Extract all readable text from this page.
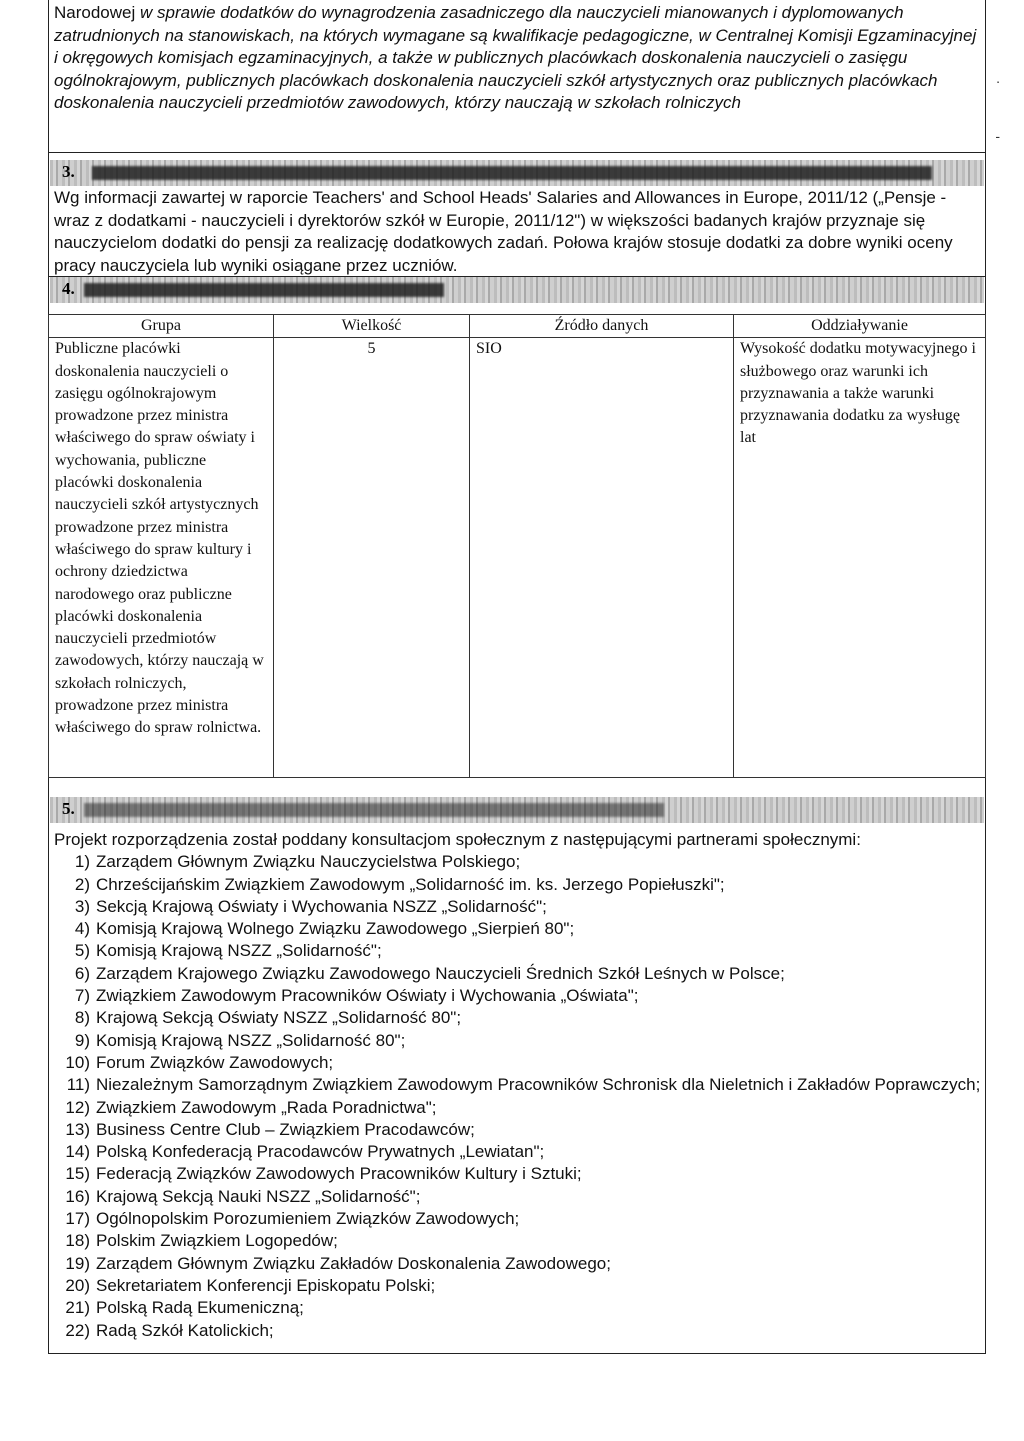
Narodowej w sprawie dodatków do wynagrodzenia zasadniczego dla nauczycieli mianowanych i dyplomowanych zatrudnionych na stanowiskach, na których wymagane są kwalifikacje pedagogiczne, w Centralnej Komisji Egzaminacyjnej i okręgowych komisjach egzaminacyjnych, a także w publicznych placówkach doskonalenia nauczycieli o zasięgu ogólnokrajowym, publicznych placówkach doskonalenia nauczycieli szkół artystycznych oraz publicznych placówkach doskonalenia nauczycieli przedmiotów zawodowych, którzy nauczają w szkołach rolniczych
.
-
3.
Wg informacji zawartej w raporcie Teachers' and School Heads' Salaries and Allowances in Europe, 2011/12 („Pensje - wraz z dodatkami - nauczycieli i dyrektorów szkół w Europie, 2011/12") w większości badanych krajów przyznaje się nauczycielom dodatki do pensji za realizację dodatkowych zadań. Połowa krajów stosuje dodatki za dobre wyniki oceny pracy nauczyciela lub wyniki osiągane przez uczniów.
4.
Grupa	Wielkość	Źródło danych	Oddziaływanie
Publiczne placówki doskonalenia nauczycieli o zasięgu ogólnokrajowym prowadzone przez ministra właściwego do spraw oświaty i wychowania, publiczne placówki doskonalenia nauczycieli szkół artystycznych prowadzone przez ministra właściwego do spraw kultury i ochrony dziedzictwa narodowego oraz publiczne placówki doskonalenia nauczycieli przedmiotów zawodowych, którzy nauczają w szkołach rolniczych, prowadzone przez ministra właściwego do spraw rolnictwa.	5	SIO	Wysokość dodatku motywacyjnego i służbowego oraz warunki ich przyznawania a także warunki przyznawania dodatku za wysługę lat
5.
Projekt rozporządzenia został poddany konsultacjom społecznym z następującymi partnerami społecznymi:
1) Zarządem Głównym Związku Nauczycielstwa Polskiego;
2) Chrześcijańskim Związkiem Zawodowym „Solidarność im. ks. Jerzego Popiełuszki";
3) Sekcją Krajową Oświaty i Wychowania NSZZ „Solidarność";
4) Komisją Krajową Wolnego Związku Zawodowego „Sierpień 80";
5) Komisją Krajową NSZZ „Solidarność";
6) Zarządem Krajowego Związku Zawodowego Nauczycieli Średnich Szkół Leśnych w Polsce;
7) Związkiem Zawodowym Pracowników Oświaty i Wychowania „Oświata";
8) Krajową Sekcją Oświaty NSZZ „Solidarność 80";
9) Komisją Krajową NSZZ „Solidarność 80";
10) Forum Związków Zawodowych;
11) Niezależnym Samorządnym Związkiem Zawodowym Pracowników Schronisk dla Nieletnich i Zakładów Poprawczych;
12) Związkiem Zawodowym „Rada Poradnictwa";
13) Business Centre Club – Związkiem Pracodawców;
14) Polską Konfederacją Pracodawców Prywatnych „Lewiatan";
15) Federacją Związków Zawodowych Pracowników Kultury i Sztuki;
16) Krajową Sekcją Nauki NSZZ „Solidarność";
17) Ogólnopolskim Porozumieniem Związków Zawodowych;
18) Polskim Związkiem Logopedów;
19) Zarządem Głównym Związku Zakładów Doskonalenia Zawodowego;
20) Sekretariatem Konferencji Episkopatu Polski;
21) Polską Radą Ekumeniczną;
22) Radą Szkół Katolickich;
